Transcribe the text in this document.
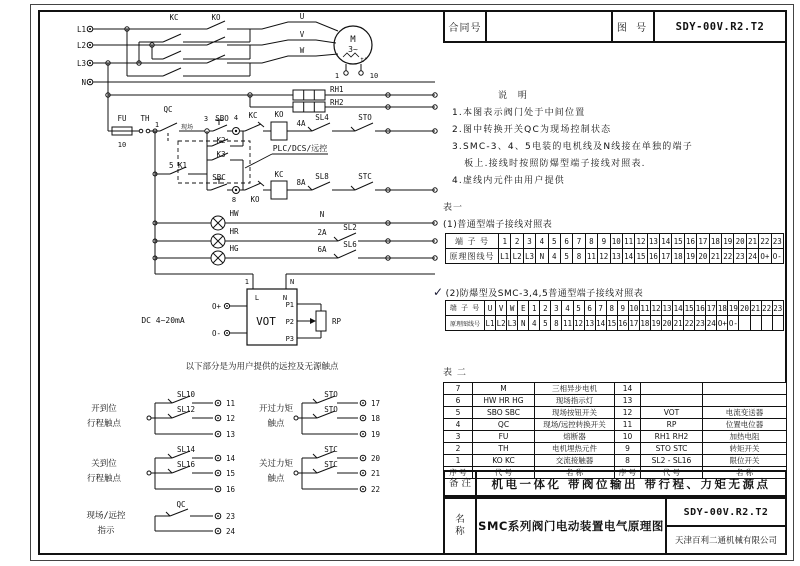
L1
L2
L3
N
KC	KO	U
V
W
M
3~
t°
1	10
RH1
RH2
FU
10
TH
1
QC
现场
3 SBO 4 KC KO
4A
SL4	STO
K2
K3
5 K1
SBC
8 KO
KC
8A
SL8	STC
PLC/DCS/远控
HW
HR
HG
N
2A
6A
SL2
SL6
1	N
L	N
VOT
P1
P2
P3
O+
O-
DC 4~20mA	RP
以下部分是为用户提供的远控及无源触点
开到位
行程触点
SL10
11
SL12
12
13
关到位
行程触点
SL14
14
SL16
15
16
开过力矩
触点
STO
17
STO
18
19
关过力矩
触点
STC
20
STC
21
22
现场/远控
指示
QC
23
24
合同号	图 号	SDY-00V.R2.T2
说 明
1.本图表示阀门处于中间位置
2.图中转换开关QC为现场控制状态
3.SMC-3、4、5电装的电机线及N线接在单独的端子
板上.接线时按照防爆型端子接线对照表.
4.虚线内元件由用户提供
表一
(1)普通型端子接线对照表
端 子 号	1	2	3	4	5	6	7	8	9	10	11	12	13	14	15	16	17	18	19	20	21	22	23
原理图线号	L1	L2	L3	N	4	5	8	11	12	13	14	15	16	17	18	19	20	21	22	23	24	O+	O-
✓ (2)防爆型及SMC-3,4,5普通型端子接线对照表
端 子 号	U	V	W	E	1	2	3	4	5	6	7	8	9	10	11	12	13	14	15	16	17	18	19	20	21	22	23
原理图线号	L1	L2	L3	N	4	5	8	11	12	13	14	15	16	17	18	19	20	21	22	23	24	O+	O-				
表 二
7	M	三相异步电机	14		
6	HW HR HG	现场指示灯	13		
5	SBO SBC	现场按钮开关	12	VOT	电流变送器
4	QC	现场/远控转换开关	11	RP	位置电位器
3	FU	熔断器	10	RH1 RH2	加热电阻
2	TH	电机埋热元件	9	STO STC	转矩开关
1	KO KC	交流接触器	8	SL2 - SL16	限位开关
序 号	代 号	名 称	序 号	代 号	名 称
备 注	机电一体化 带阀位输出 带行程、力矩无源点
名
称 SMC系列阀门电动装置电气原理图
SDY-00V.R2.T2
天津百利二通机械有限公司
